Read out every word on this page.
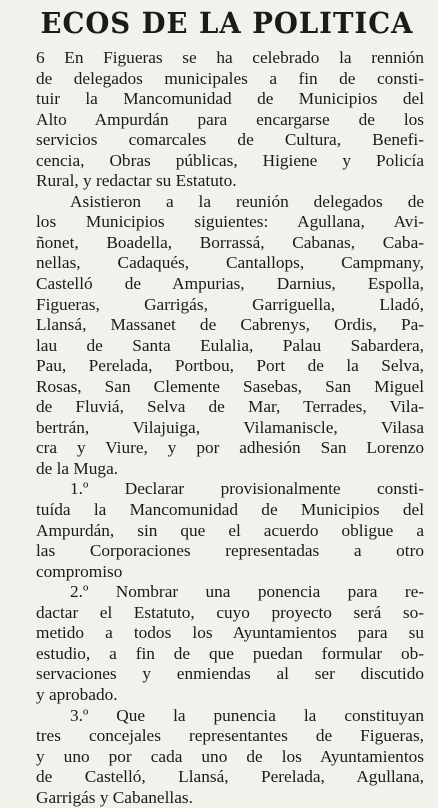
ECOS DE LA POLITICA
6 En Figueras se ha celebrado la rennión
de delegados municipales a fin de consti-
tuir la Mancomunidad de Municipios del
Alto Ampurdán para encargarse de los
servicios comarcales de Cultura, Benefi-
cencia, Obras públicas, Higiene y Policía
Rural, y redactar su Estatuto.
Asistieron a la reunión delegados de
los Municipios siguientes: Agullana, Avi-
ñonet, Boadella, Borrassá, Cabanas, Caba-
nellas, Cadaqués, Cantallops, Campmany,
Castelló de Ampurias, Darnius, Espolla,
Figueras, Garrigás, Garriguella, Lladó,
Llansá, Massanet de Cabrenys, Ordis, Pa-
lau de Santa Eulalia, Palau Sabardera,
Pau, Perelada, Portbou, Port de la Selva,
Rosas, San Clemente Sasebas, San Miguel
de Fluviá, Selva de Mar, Terrades, Vila-
bertrán, Vilajuiga, Vilamaniscle, Vilasa
cra y Viure, y por adhesión San Lorenzo
de la Muga.
1.º Declarar provisionalmente consti-
tuída la Mancomunidad de Municipios del
Ampurdán, sin que el acuerdo obligue a
las Corporaciones representadas a otro
compromiso
2.º Nombrar una ponencia para re-
dactar el Estatuto, cuyo proyecto será so-
metido a todos los Ayuntamientos para su
estudio, a fin de que puedan formular ob-
servaciones y enmiendas al ser discutido
y aprobado.
3.º Que la punencia la constituyan
tres concejales representantes de Figueras,
y uno por cada uno de los Ayuntamientos
de Castelló, Llansá, Perelada, Agullana,
Garrigás y Cabanellas.
